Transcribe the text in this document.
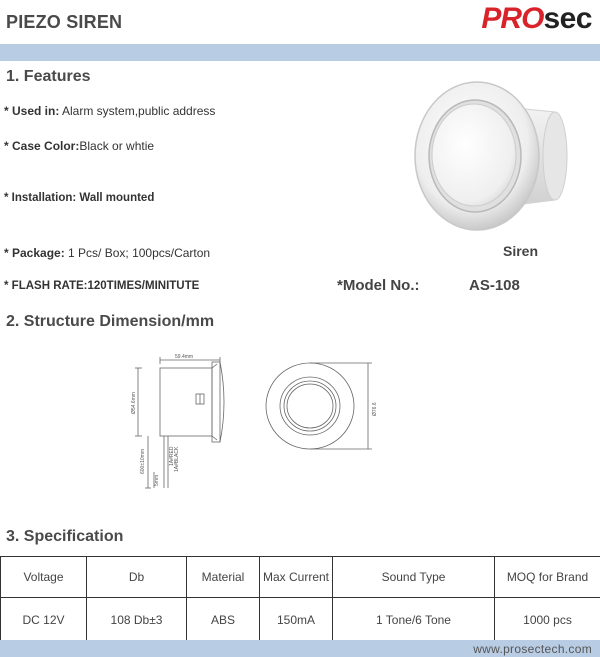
PIEZO SIREN	PROsec
1. Features
* Used in: Alarm system,public address
* Case Color:Black or whtie
* Installation: Wall mounted
* Package: 1 Pcs/ Box; 100pcs/Carton
* FLASH RATE:120TIMES/MINITUTE
Siren
*Model No.:	AS-108
2. Structure Dimension/mm
59.4mm
Ø54.6mm
600±10mm
5mm
1A#RED 1A#BLACK
Ø76.6
3. Specification
Voltage	Db	Material	Max Current	Sound Type	MOQ for Brand
DC 12V	108 Db±3	ABS	150mA	1 Tone/6 Tone	1000 pcs
www.prosectech.com
